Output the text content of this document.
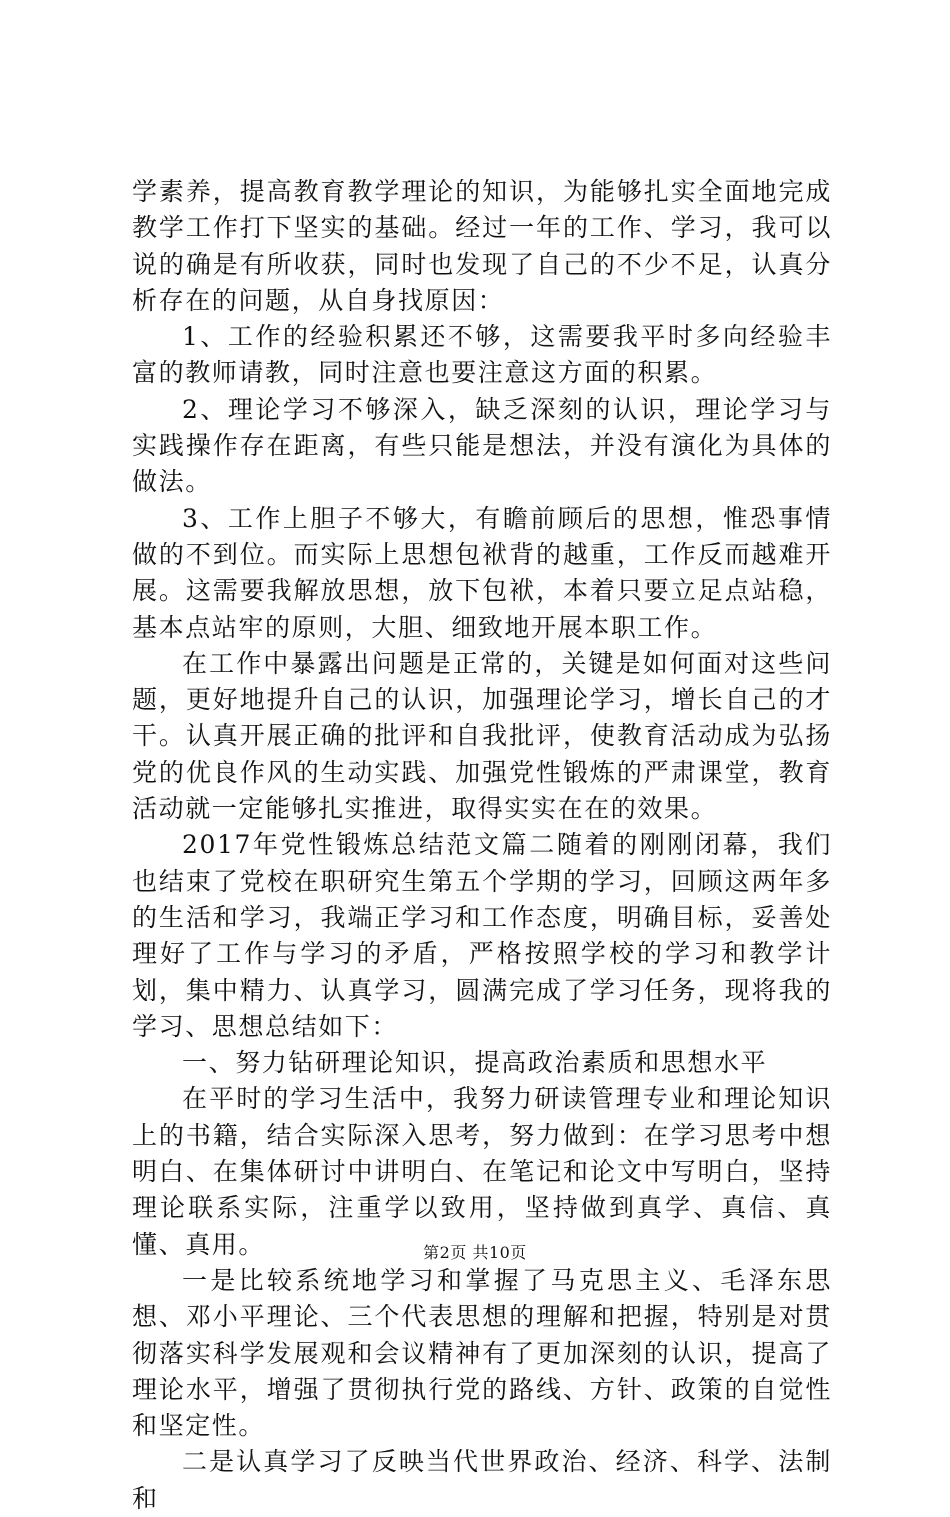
学素养，提高教育教学理论的知识，为能够扎实全面地完成教学工作打下坚实的基础。经过一年的工作、学习，我可以说的确是有所收获，同时也发现了自己的不少不足，认真分析存在的问题，从自身找原因：

1、工作的经验积累还不够，这需要我平时多向经验丰富的教师请教，同时注意也要注意这方面的积累。

2、理论学习不够深入，缺乏深刻的认识，理论学习与实践操作存在距离，有些只能是想法，并没有演化为具体的做法。

3、工作上胆子不够大，有瞻前顾后的思想，惟恐事情做的不到位。而实际上思想包袱背的越重，工作反而越难开展。这需要我解放思想，放下包袱，本着只要立足点站稳，基本点站牢的原则，大胆、细致地开展本职工作。

在工作中暴露出问题是正常的，关键是如何面对这些问题，更好地提升自己的认识，加强理论学习，增长自己的才干。认真开展正确的批评和自我批评，使教育活动成为弘扬党的优良作风的生动实践、加强党性锻炼的严肃课堂，教育活动就一定能够扎实推进，取得实实在在的效果。

2017年党性锻炼总结范文篇二随着的刚刚闭幕，我们也结束了党校在职研究生第五个学期的学习，回顾这两年多的生活和学习，我端正学习和工作态度，明确目标，妥善处理好了工作与学习的矛盾，严格按照学校的学习和教学计划，集中精力、认真学习，圆满完成了学习任务，现将我的学习、思想总结如下：

一、努力钻研理论知识，提高政治素质和思想水平

在平时的学习生活中，我努力研读管理专业和理论知识上的书籍，结合实际深入思考，努力做到：在学习思考中想明白、在集体研讨中讲明白、在笔记和论文中写明白，坚持理论联系实际，注重学以致用，坚持做到真学、真信、真懂、真用。

一是比较系统地学习和掌握了马克思主义、毛泽东思想、邓小平理论、三个代表思想的理解和把握，特别是对贯彻落实科学发展观和会议精神有了更加深刻的认识，提高了理论水平，增强了贯彻执行党的路线、方针、政策的自觉性和坚定性。

二是认真学习了反映当代世界政治、经济、科学、法制和

第2页 共10页
